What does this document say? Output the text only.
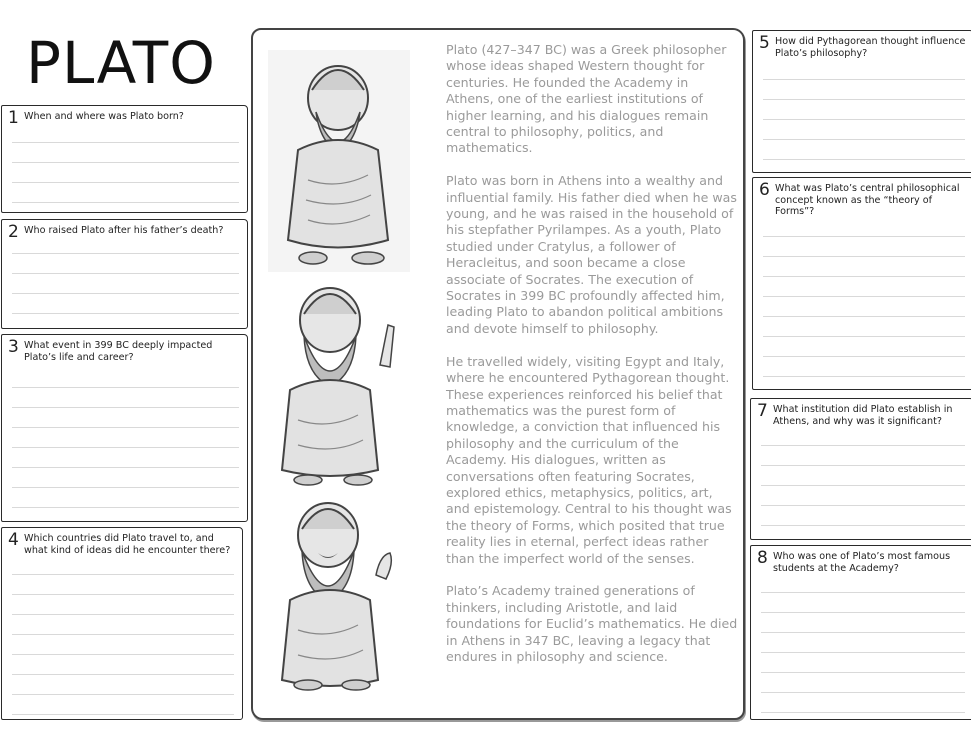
PLATO
1 When and where was Plato born?
2 Who raised Plato after his father’s death?
3 What event in 399 BC deeply impacted Plato’s life and career?
4 Which countries did Plato travel to, and what kind of ideas did he encounter there?

Plato (427–347 BC) was a Greek philosopher whose ideas shaped Western thought for centuries. He founded the Academy in Athens, one of the earliest institutions of higher learning, and his dialogues remain central to philosophy, politics, and mathematics.

Plato was born in Athens into a wealthy and influential family. His father died when he was young, and he was raised in the household of his stepfather Pyrilampes. As a youth, Plato studied under Cratylus, a follower of Heracleitus, and soon became a close associate of Socrates. The execution of Socrates in 399 BC profoundly affected him, leading Plato to abandon political ambitions and devote himself to philosophy.

He travelled widely, visiting Egypt and Italy, where he encountered Pythagorean thought. These experiences reinforced his belief that mathematics was the purest form of knowledge, a conviction that influenced his philosophy and the curriculum of the Academy. His dialogues, written as conversations often featuring Socrates, explored ethics, metaphysics, politics, art, and epistemology. Central to his thought was the theory of Forms, which posited that true reality lies in eternal, perfect ideas rather than the imperfect world of the senses.

Plato’s Academy trained generations of thinkers, including Aristotle, and laid foundations for Euclid’s mathematics. He died in Athens in 347 BC, leaving a legacy that endures in philosophy and science.

5 How did Pythagorean thought influence Plato’s philosophy?
6 What was Plato’s central philosophical concept known as the “theory of Forms”?
7 What institution did Plato establish in Athens, and why was it significant?
8 Who was one of Plato’s most famous students at the Academy?
